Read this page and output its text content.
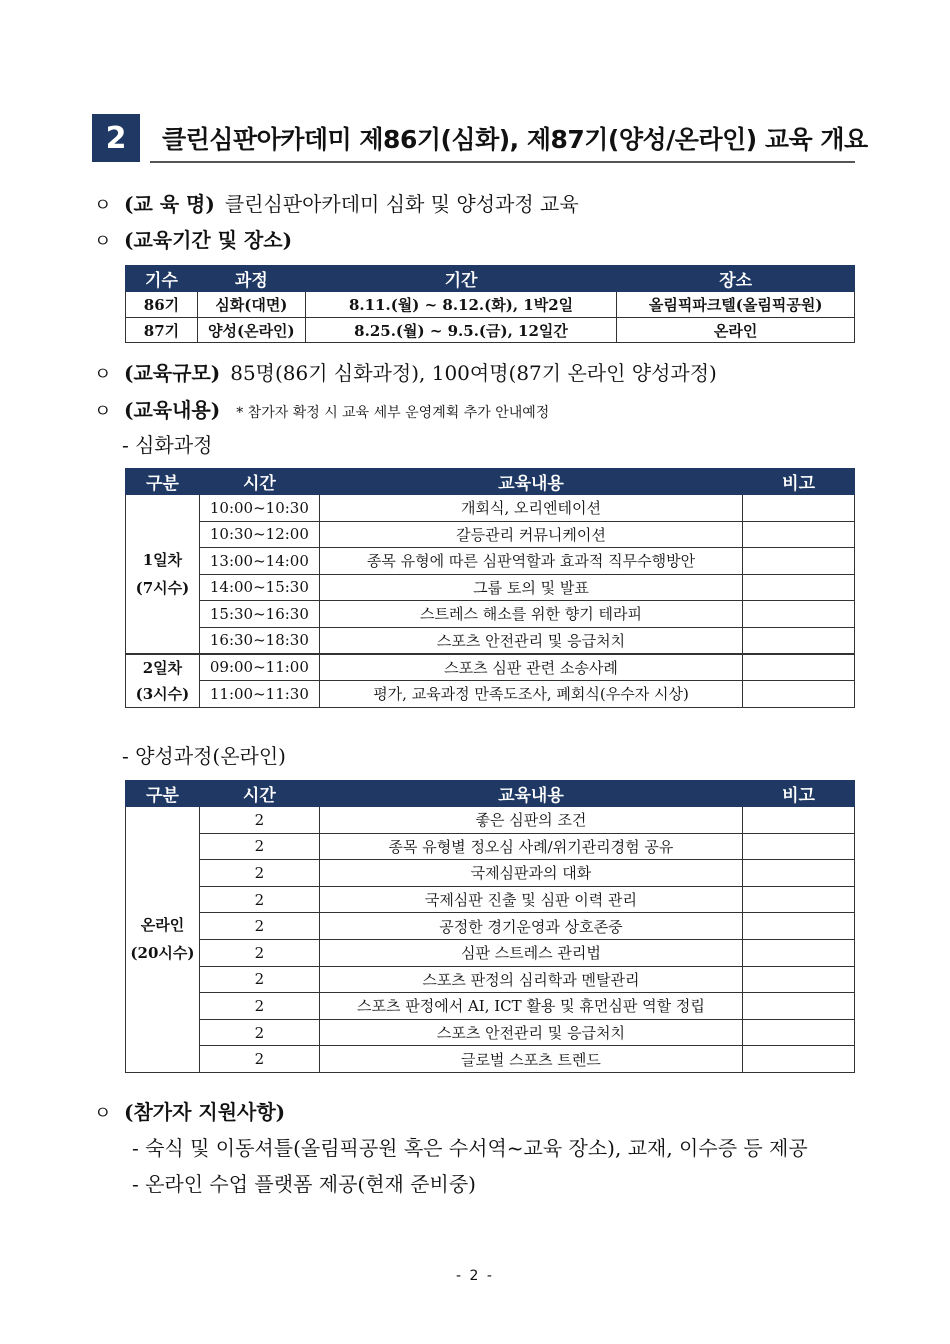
2	클린심판아카데미 제86기(심화), 제87기(양성/온라인) 교육 개요
ㅇ (교 육 명) 클린심판아카데미 심화 및 양성과정 교육
ㅇ (교육기간 및 장소)
기수	과정	기간	장소
86기	심화(대면)	8.11.(월) ~ 8.12.(화), 1박2일	올림픽파크텔(올림픽공원)
87기	양성(온라인)	8.25.(월) ~ 9.5.(금), 12일간	온라인
ㅇ (교육규모) 85명(86기 심화과정), 100여명(87기 온라인 양성과정)
ㅇ (교육내용) * 참가자 확정 시 교육 세부 운영계획 추가 안내예정
- 심화과정
구분	시간	교육내용	비고

1일차
(7시수)	10:00~10:30	개회식, 오리엔테이션	
	10:30~12:00	갈등관리 커뮤니케이션	
	13:00~14:00	종목 유형에 따른 심판역할과 효과적 직무수행방안	
	14:00~15:30	그룹 토의 및 발표	
	15:30~16:30	스트레스 해소를 위한 향기 테라피	
	16:30~18:30	스포츠 안전관리 및 응급처치	

2일차
(3시수)	09:00~11:00	스포츠 심판 관련 소송사례	
	11:00~11:30	평가, 교육과정 만족도조사, 폐회식(우수자 시상)	
- 양성과정(온라인)
구분	시간	교육내용	비고

온라인
(20시수)	2	좋은 심판의 조건	
	2	종목 유형별 정오심 사례/위기관리경험 공유	
	2	국제심판과의 대화	
	2	국제심판 진출 및 심판 이력 관리	
	2	공정한 경기운영과 상호존중	
	2	심판 스트레스 관리법	
	2	스포츠 판정의 심리학과 멘탈관리	
	2	스포츠 판정에서 AI, ICT 활용 및 휴먼심판 역할 정립	
	2	스포츠 안전관리 및 응급처치	
	2	글로벌 스포츠 트렌드	
ㅇ (참가자 지원사항)
- 숙식 및 이동셔틀(올림픽공원 혹은 수서역~교육 장소), 교재, 이수증 등 제공
- 온라인 수업 플랫폼 제공(현재 준비중)
- 2 -
